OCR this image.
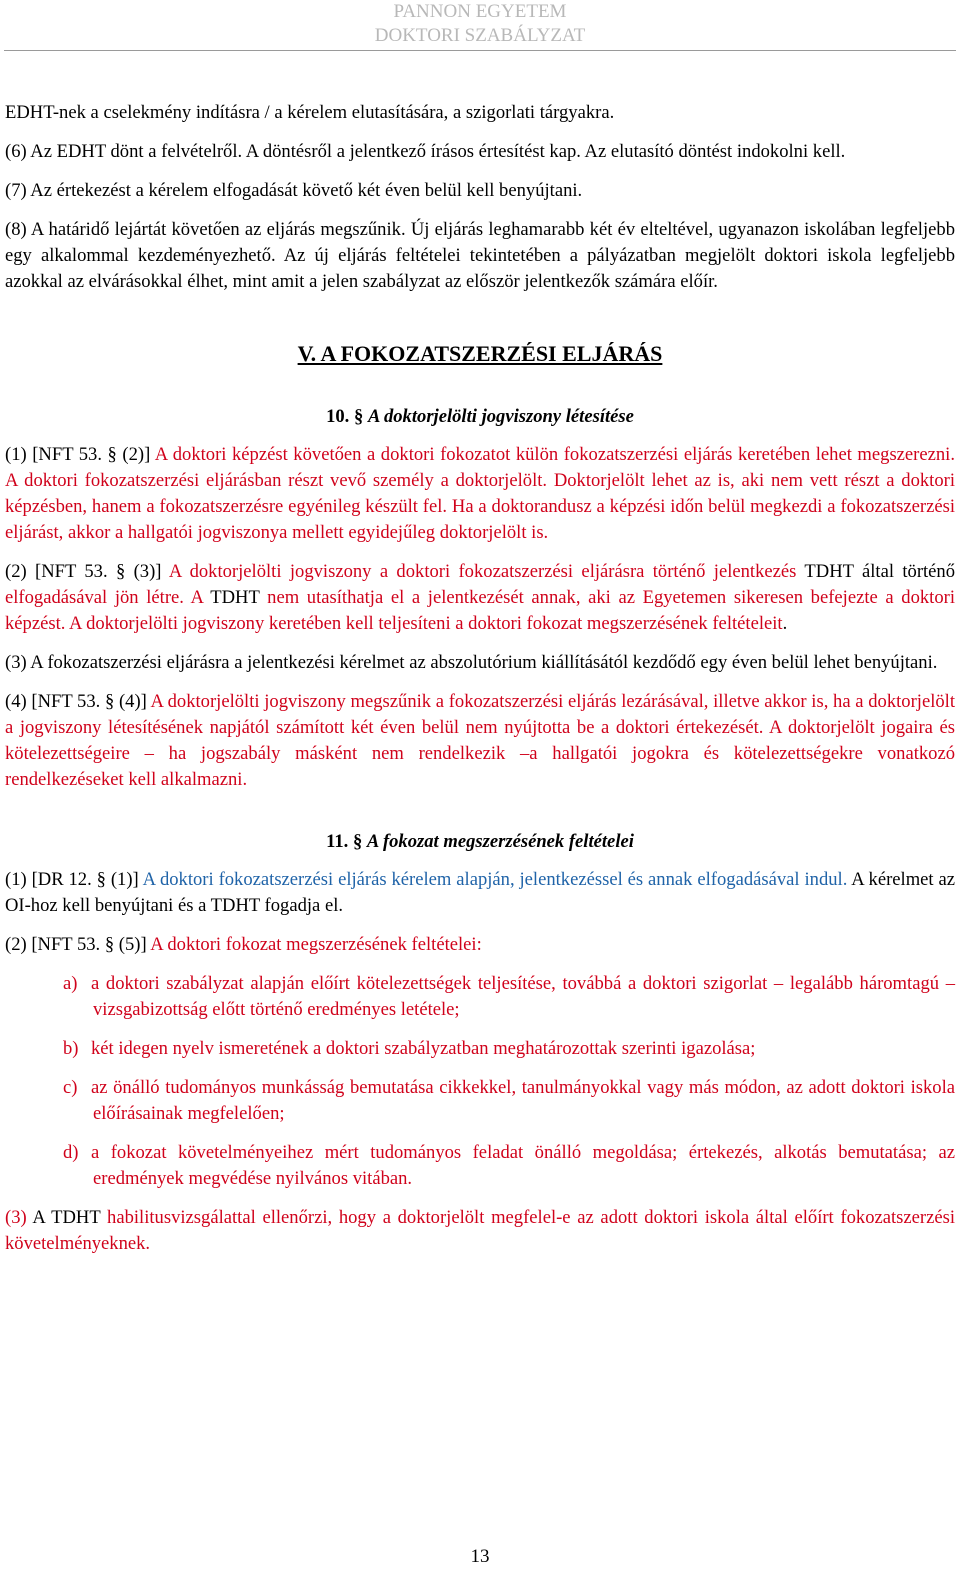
PANNON EGYETEM
DOKTORI SZABÁLYZAT

EDHT-nek a cselekmény indításra / a kérelem elutasítására, a szigorlati tárgyakra.

(6) Az EDHT dönt a felvételről. A döntésről a jelentkező írásos értesítést kap. Az elutasító döntést indokolni kell.

(7) Az értekezést a kérelem elfogadását követő két éven belül kell benyújtani.

(8) A határidő lejártát követően az eljárás megszűnik. Új eljárás leghamarabb két év elteltével, ugyanazon iskolában legfeljebb egy alkalommal kezdeményezhető. Az új eljárás feltételei tekintetében a pályázatban megjelölt doktori iskola legfeljebb azokkal az elvárásokkal élhet, mint amit a jelen szabályzat az először jelentkezők számára előír.

V. A FOKOZATSZERZÉSI ELJÁRÁS
10. § A doktorjelölti jogviszony létesítése

(1) [NFT 53. § (2)] A doktori képzést követően a doktori fokozatot külön fokozatszerzési eljárás keretében lehet megszerezni. A doktori fokozatszerzési eljárásban részt vevő személy a doktorjelölt. Doktorjelölt lehet az is, aki nem vett részt a doktori képzésben, hanem a fokozatszerzésre egyénileg készült fel. Ha a doktorandusz a képzési időn belül megkezdi a fokozatszerzési eljárást, akkor a hallgatói jogviszonya mellett egyidejűleg doktorjelölt is.

(2) [NFT 53. § (3)] A doktorjelölti jogviszony a doktori fokozatszerzési eljárásra történő jelentkezés TDHT által történő elfogadásával jön létre. A TDHT nem utasíthatja el a jelentkezését annak, aki az Egyetemen sikeresen befejezte a doktori képzést. A doktorjelölti jogviszony keretében kell teljesíteni a doktori fokozat megszerzésének feltételeit.

(3) A fokozatszerzési eljárásra a jelentkezési kérelmet az abszolutórium kiállításától kezdődő egy éven belül lehet benyújtani.

(4) [NFT 53. § (4)] A doktorjelölti jogviszony megszűnik a fokozatszerzési eljárás lezárásával, illetve akkor is, ha a doktorjelölt a jogviszony létesítésének napjától számított két éven belül nem nyújtotta be a doktori értekezését. A doktorjelölt jogaira és kötelezettségeire – ha jogszabály másként nem rendelkezik –a hallgatói jogokra és kötelezettségekre vonatkozó rendelkezéseket kell alkalmazni.

11. § A fokozat megszerzésének feltételei

(1) [DR 12. § (1)] A doktori fokozatszerzési eljárás kérelem alapján, jelentkezéssel és annak elfogadásával indul. A kérelmet az OI-hoz kell benyújtani és a TDHT fogadja el.

(2) [NFT 53. § (5)] A doktori fokozat megszerzésének feltételei:

a) a doktori szabályzat alapján előírt kötelezettségek teljesítése, továbbá a doktori szigorlat – legalább háromtagú – vizsgabizottság előtt történő eredményes letétele;

b) két idegen nyelv ismeretének a doktori szabályzatban meghatározottak szerinti igazolása;

c) az önálló tudományos munkásság bemutatása cikkekkel, tanulmányokkal vagy más módon, az adott doktori iskola előírásainak megfelelően;

d) a fokozat követelményeihez mért tudományos feladat önálló megoldása; értekezés, alkotás bemutatása; az eredmények megvédése nyilvános vitában.

(3) A TDHT habilitusvizsgálattal ellenőrzi, hogy a doktorjelölt megfelel-e az adott doktori iskola által előírt fokozatszerzési követelményeknek.

13
